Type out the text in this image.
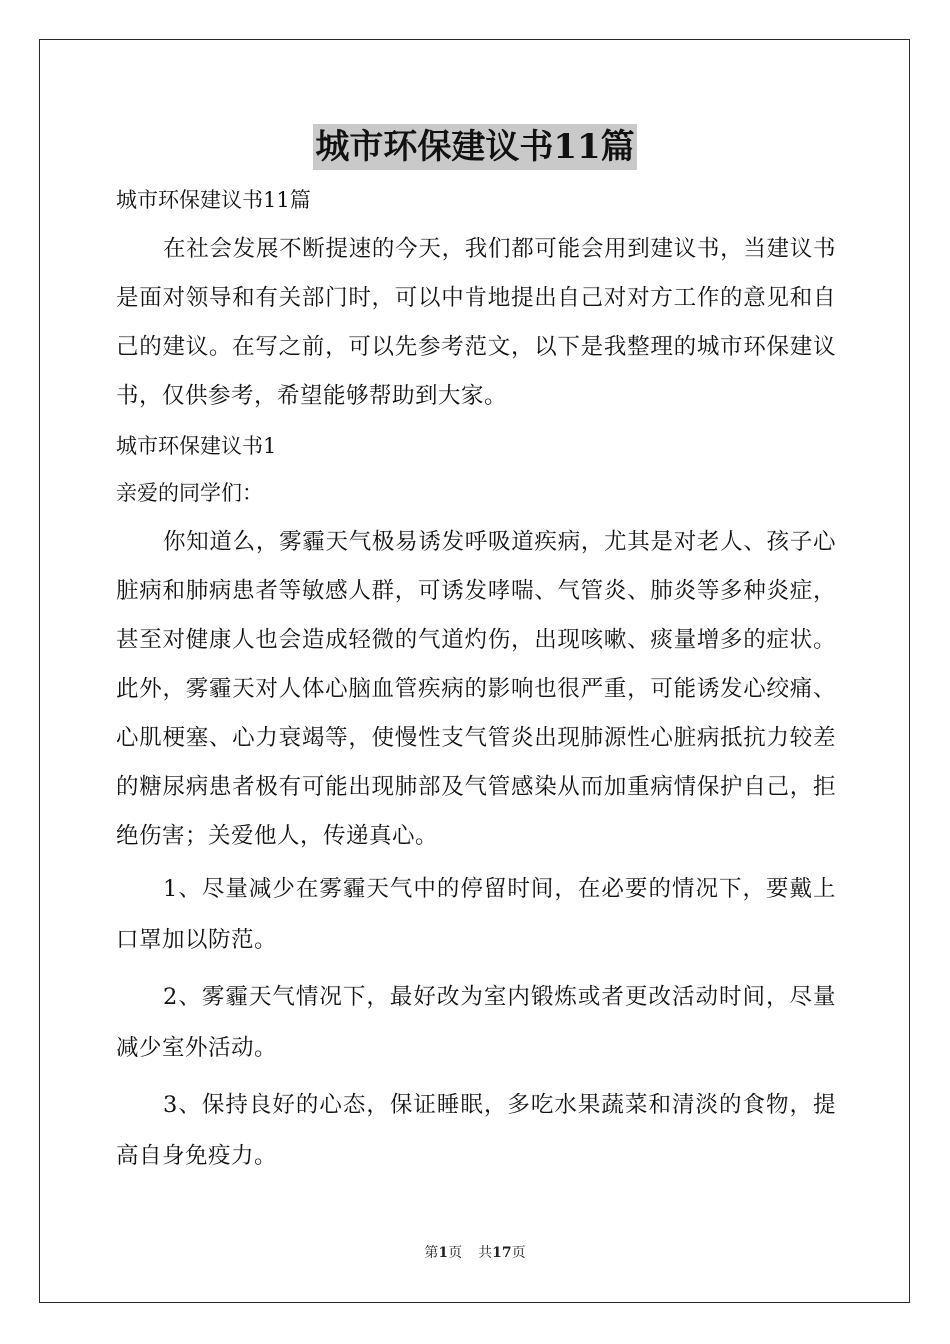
城市环保建议书11篇

城市环保建议书11篇

在社会发展不断提速的今天，我们都可能会用到建议书，当建议书是面对领导和有关部门时，可以中肯地提出自己对对方工作的意见和自己的建议。在写之前，可以先参考范文，以下是我整理的城市环保建议书，仅供参考，希望能够帮助到大家。

城市环保建议书1

亲爱的同学们：

你知道么，雾霾天气极易诱发呼吸道疾病，尤其是对老人、孩子心脏病和肺病患者等敏感人群，可诱发哮喘、气管炎、肺炎等多种炎症，甚至对健康人也会造成轻微的气道灼伤，出现咳嗽、痰量增多的症状。此外，雾霾天对人体心脑血管疾病的影响也很严重，可能诱发心绞痛、心肌梗塞、心力衰竭等，使慢性支气管炎出现肺源性心脏病抵抗力较差的糖尿病患者极有可能出现肺部及气管感染从而加重病情保护自己，拒绝伤害；关爱他人，传递真心。

1、尽量减少在雾霾天气中的停留时间，在必要的情况下，要戴上口罩加以防范。

2、雾霾天气情况下，最好改为室内锻炼或者更改活动时间，尽量减少室外活动。

3、保持良好的心态，保证睡眠，多吃水果蔬菜和清淡的食物，提高自身免疫力。

第1页 共17页
